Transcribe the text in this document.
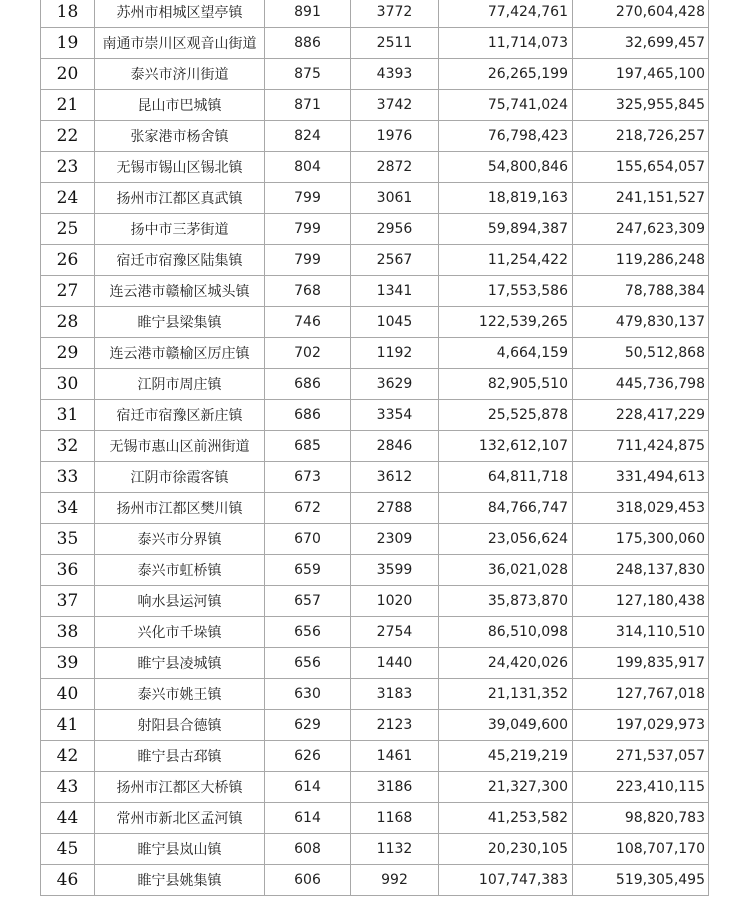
18	苏州市相城区望亭镇	891	3772	77,424,761	270,604,428
19	南通市崇川区观音山街道	886	2511	11,714,073	32,699,457
20	泰兴市济川街道	875	4393	26,265,199	197,465,100
21	昆山市巴城镇	871	3742	75,741,024	325,955,845
22	张家港市杨舍镇	824	1976	76,798,423	218,726,257
23	无锡市锡山区锡北镇	804	2872	54,800,846	155,654,057
24	扬州市江都区真武镇	799	3061	18,819,163	241,151,527
25	扬中市三茅街道	799	2956	59,894,387	247,623,309
26	宿迁市宿豫区陆集镇	799	2567	11,254,422	119,286,248
27	连云港市赣榆区城头镇	768	1341	17,553,586	78,788,384
28	睢宁县梁集镇	746	1045	122,539,265	479,830,137
29	连云港市赣榆区厉庄镇	702	1192	4,664,159	50,512,868
30	江阴市周庄镇	686	3629	82,905,510	445,736,798
31	宿迁市宿豫区新庄镇	686	3354	25,525,878	228,417,229
32	无锡市惠山区前洲街道	685	2846	132,612,107	711,424,875
33	江阴市徐霞客镇	673	3612	64,811,718	331,494,613
34	扬州市江都区樊川镇	672	2788	84,766,747	318,029,453
35	泰兴市分界镇	670	2309	23,056,624	175,300,060
36	泰兴市虹桥镇	659	3599	36,021,028	248,137,830
37	响水县运河镇	657	1020	35,873,870	127,180,438
38	兴化市千垛镇	656	2754	86,510,098	314,110,510
39	睢宁县凌城镇	656	1440	24,420,026	199,835,917
40	泰兴市姚王镇	630	3183	21,131,352	127,767,018
41	射阳县合德镇	629	2123	39,049,600	197,029,973
42	睢宁县古邳镇	626	1461	45,219,219	271,537,057
43	扬州市江都区大桥镇	614	3186	21,327,300	223,410,115
44	常州市新北区孟河镇	614	1168	41,253,582	98,820,783
45	睢宁县岚山镇	608	1132	20,230,105	108,707,170
46	睢宁县姚集镇	606	992	107,747,383	519,305,495
